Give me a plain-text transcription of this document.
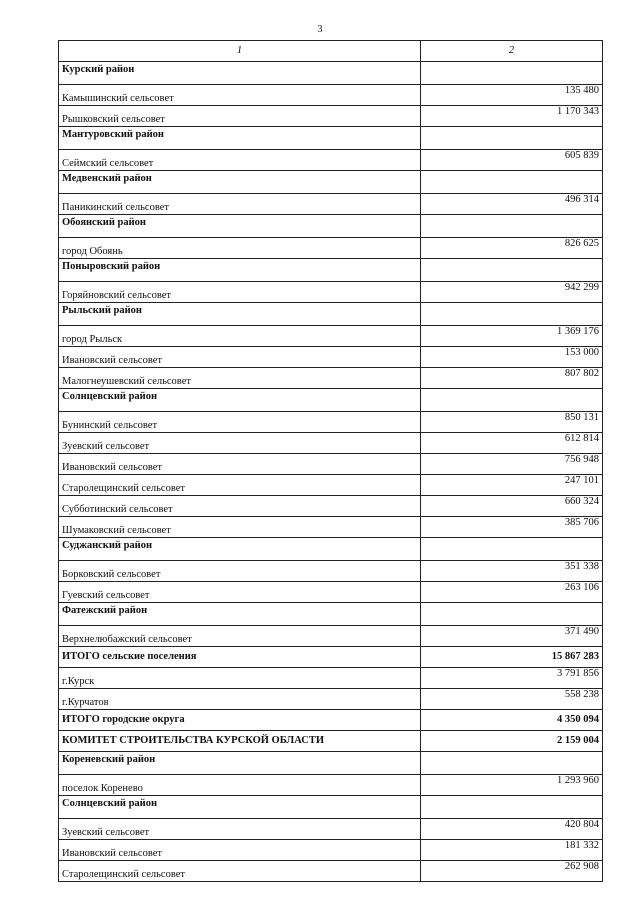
3
1	2
Курский район	
Камышинский сельсовет	135 480
Рышковский сельсовет	1 170 343
Мантуровский район	
Сеймский сельсовет	605 839
Медвенский район	
Паникинский сельсовет	496 314
Обоянский район	
город Обоянь	826 625
Поныровский район	
Горяйновский сельсовет	942 299
Рыльский район	
город Рыльск	1 369 176
Ивановский сельсовет	153 000
Малогнеушевский сельсовет	807 802
Солнцевский район	
Бунинский сельсовет	850 131
Зуевский сельсовет	612 814
Ивановский сельсовет	756 948
Старолещинский сельсовет	247 101
Субботинский сельсовет	660 324
Шумаковский сельсовет	385 706
Суджанский район	
Борковский сельсовет	351 338
Гуевский сельсовет	263 106
Фатежский район	
Верхнелюбажский сельсовет	371 490
ИТОГО сельские поселения	15 867 283
г.Курск	3 791 856
г.Курчатов	558 238
ИТОГО городские округа	4 350 094
КОМИТЕТ СТРОИТЕЛЬСТВА КУРСКОЙ ОБЛАСТИ	2 159 004
Кореневский район	
поселок Коренево	1 293 960
Солнцевский район	
Зуевский сельсовет	420 804
Ивановский сельсовет	181 332
Старолещинский сельсовет	262 908
